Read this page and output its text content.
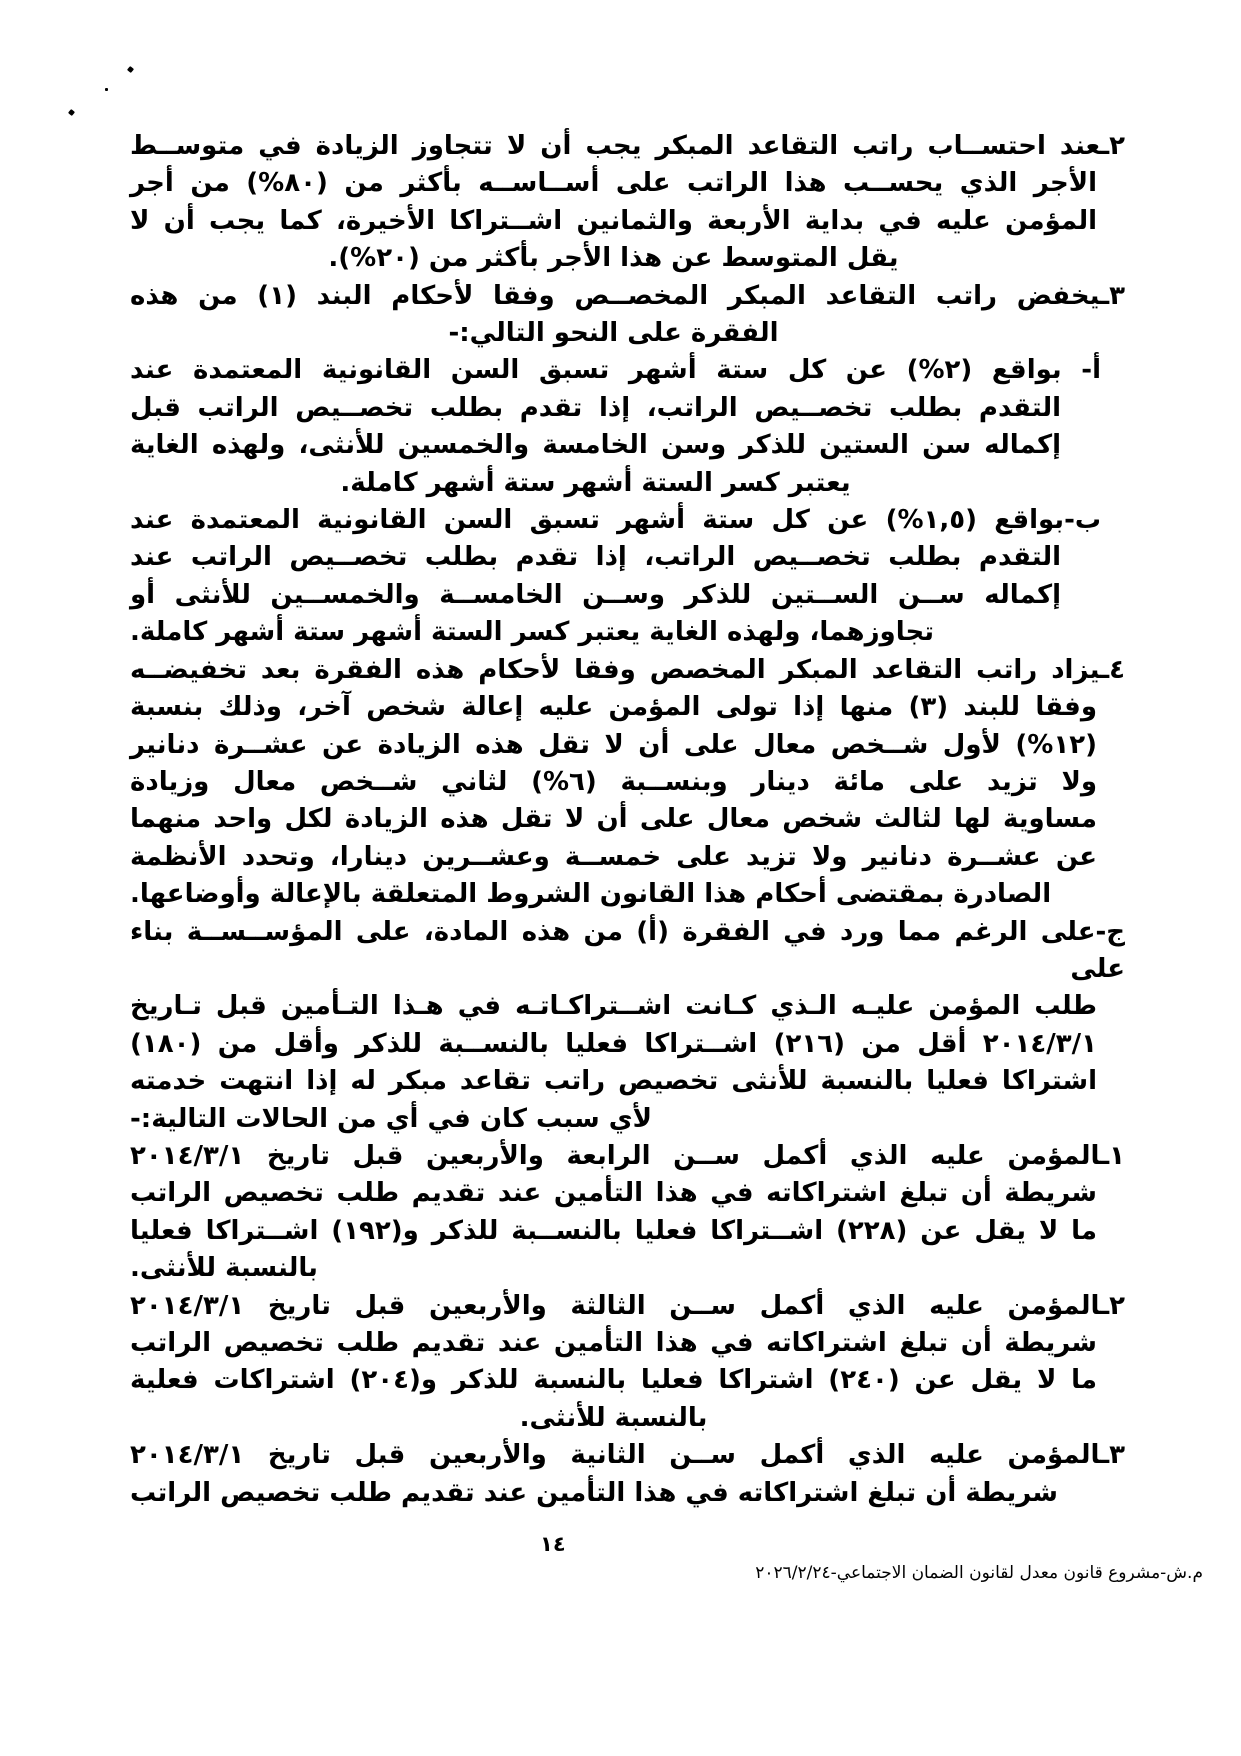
٢ـعند احتســاب راتب التقاعد المبكر يجب أن لا تتجاوز الزيادة في متوســط
الأجر الذي يحســب هذا الراتب على أســاســه بأكثر من (٨٠%) من أجر
المؤمن عليه في بداية الأربعة والثمانين اشــتراكا الأخيرة، كما يجب أن لا
يقل المتوسط عن هذا الأجر بأكثر من (٢٠%).
٣ـيخفض راتب التقاعد المبكر المخصــص وفقا لأحكام البند (١) من هذه
الفقرة على النحو التالي:-
أ- بواقع (٢%) عن كل ستة أشهر تسبق السن القانونية المعتمدة عند
التقدم بطلب تخصــيص الراتب، إذا تقدم بطلب تخصــيص الراتب قبل
إكماله سن الستين للذكر وسن الخامسة والخمسين للأنثى، ولهذه الغاية
يعتبر كسر الستة أشهر ستة أشهر كاملة.
ب-بواقع (١,٥%) عن كل ستة أشهر تسبق السن القانونية المعتمدة عند
التقدم بطلب تخصــيص الراتب، إذا تقدم بطلب تخصــيص الراتب عند
إكماله ســن الســتين للذكر وســن الخامســة والخمســين للأنثى أو
تجاوزهما، ولهذه الغاية يعتبر كسر الستة أشهر ستة أشهر كاملة.
٤ـيزاد راتب التقاعد المبكر المخصص وفقا لأحكام هذه الفقرة بعد تخفيضــه
وفقا للبند (٣) منها إذا تولى المؤمن عليه إعالة شخص آخر، وذلك بنسبة
(١٢%) لأول شــخص معال على أن لا تقل هذه الزيادة عن عشــرة دنانير
ولا تزيد على مائة دينار وبنســبة (٦%) لثاني شــخص معال وزيادة
مساوية لها لثالث شخص معال على أن لا تقل هذه الزيادة لكل واحد منهما
عن عشــرة دنانير ولا تزيد على خمســة وعشــرين دينارا، وتحدد الأنظمة
الصادرة بمقتضى أحكام هذا القانون الشروط المتعلقة بالإعالة وأوضاعها.
ج-على الرغم مما ورد في الفقرة (أ) من هذه المادة، على المؤســســة بناء على
طلب المؤمن عليـه الـذي كـانت اشــتراكـاتـه في هـذا التـأمين قبل تـاريخ
٢٠١٤/٣/١ أقل من (٢١٦) اشــتراكا فعليا بالنســبة للذكر وأقل من (١٨٠)
اشتراكا فعليا بالنسبة للأنثى تخصيص راتب تقاعد مبكر له إذا انتهت خدمته
لأي سبب كان في أي من الحالات التالية:-
١ـالمؤمن عليه الذي أكمل ســن الرابعة والأربعين قبل تاريخ ٢٠١٤/٣/١
شريطة أن تبلغ اشتراكاته في هذا التأمين عند تقديم طلب تخصيص الراتب
ما لا يقل عن (٢٢٨) اشــتراكا فعليا بالنســبة للذكر و(١٩٢) اشــتراكا فعليا
بالنسبة للأنثى.
٢ـالمؤمن عليه الذي أكمل ســن الثالثة والأربعين قبل تاريخ ٢٠١٤/٣/١
شريطة أن تبلغ اشتراكاته في هذا التأمين عند تقديم طلب تخصيص الراتب
ما لا يقل عن (٢٤٠) اشتراكا فعليا بالنسبة للذكر و(٢٠٤) اشتراكات فعلية
بالنسبة للأنثى.
٣ـالمؤمن عليه الذي أكمل ســن الثانية والأربعين قبل تاريخ ٢٠١٤/٣/١
شريطة أن تبلغ اشتراكاته في هذا التأمين عند تقديم طلب تخصيص الراتب
١٤
م.ش-مشروع قانون معدل لقانون الضمان الاجتماعي-٢٠٢٦/٢/٢٤
